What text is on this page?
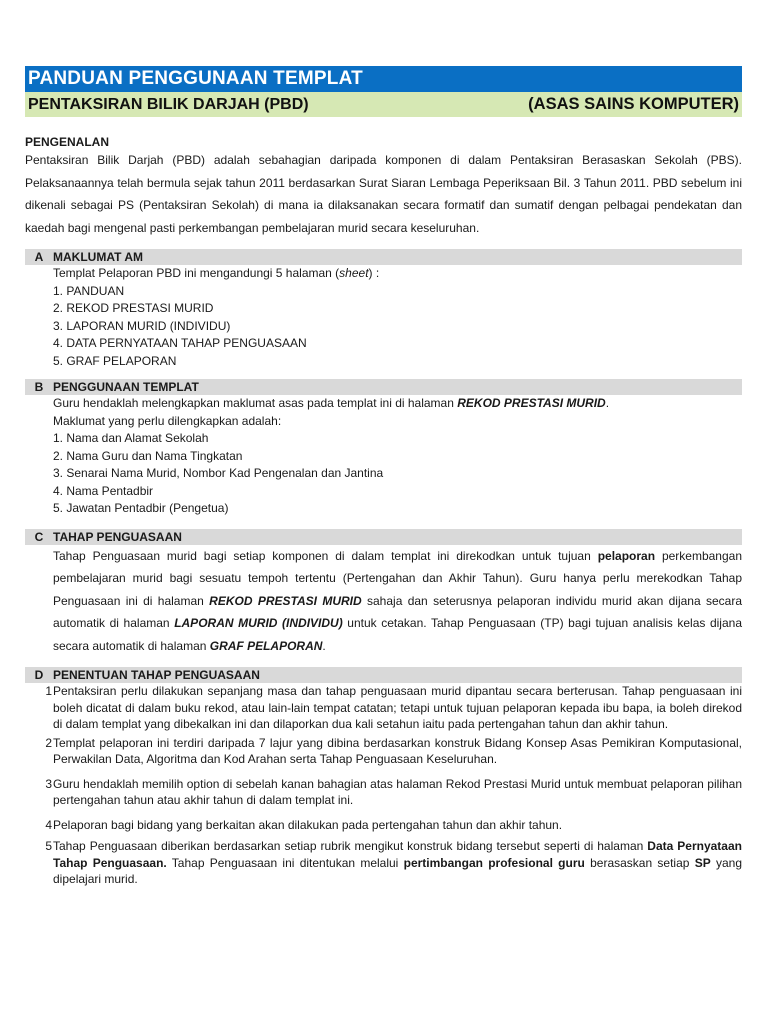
PANDUAN PENGGUNAAN TEMPLAT
PENTAKSIRAN BILIK DARJAH (PBD)	(ASAS SAINS KOMPUTER)
PENGENALAN
Pentaksiran Bilik Darjah (PBD) adalah sebahagian daripada komponen di dalam Pentaksiran Berasaskan Sekolah (PBS). Pelaksanaannya telah bermula sejak tahun 2011 berdasarkan Surat Siaran Lembaga Peperiksaan Bil. 3 Tahun 2011. PBD sebelum ini dikenali sebagai PS (Pentaksiran Sekolah) di mana ia dilaksanakan secara formatif dan sumatif dengan pelbagai pendekatan dan kaedah bagi mengenal pasti perkembangan pembelajaran murid secara keseluruhan.
A MAKLUMAT AM
Templat Pelaporan PBD ini mengandungi 5 halaman (sheet) :
1. PANDUAN
2. REKOD PRESTASI MURID
3. LAPORAN MURID (INDIVIDU)
4. DATA PERNYATAAN TAHAP PENGUASAAN
5. GRAF PELAPORAN
B PENGGUNAAN TEMPLAT
Guru hendaklah melengkapkan maklumat asas pada templat ini di halaman REKOD PRESTASI MURID.
Maklumat yang perlu dilengkapkan adalah:
1. Nama dan Alamat Sekolah
2. Nama Guru dan Nama Tingkatan
3. Senarai Nama Murid, Nombor Kad Pengenalan dan Jantina
4. Nama Pentadbir
5. Jawatan Pentadbir (Pengetua)
C TAHAP PENGUASAAN
Tahap Penguasaan murid bagi setiap komponen di dalam templat ini direkodkan untuk tujuan pelaporan perkembangan pembelajaran murid bagi sesuatu tempoh tertentu (Pertengahan dan Akhir Tahun). Guru hanya perlu merekodkan Tahap Penguasaan ini di halaman REKOD PRESTASI MURID sahaja dan seterusnya pelaporan individu murid akan dijana secara automatik di halaman LAPORAN MURID (INDIVIDU) untuk cetakan. Tahap Penguasaan (TP) bagi tujuan analisis kelas dijana secara automatik di halaman GRAF PELAPORAN.
D PENENTUAN TAHAP PENGUASAAN
1 Pentaksiran perlu dilakukan sepanjang masa dan tahap penguasaan murid dipantau secara berterusan. Tahap penguasaan ini boleh dicatat di dalam buku rekod, atau lain-lain tempat catatan; tetapi untuk tujuan pelaporan kepada ibu bapa, ia boleh direkod di dalam templat yang dibekalkan ini dan dilaporkan dua kali setahun iaitu pada pertengahan tahun dan akhir tahun.
2 Templat pelaporan ini terdiri daripada 7 lajur yang dibina berdasarkan konstruk Bidang Konsep Asas Pemikiran Komputasional, Perwakilan Data, Algoritma dan Kod Arahan serta Tahap Penguasaan Keseluruhan.
3 Guru hendaklah memilih option di sebelah kanan bahagian atas halaman Rekod Prestasi Murid untuk membuat pelaporan pilihan pertengahan tahun atau akhir tahun di dalam templat ini.
4 Pelaporan bagi bidang yang berkaitan akan dilakukan pada pertengahan tahun dan akhir tahun.
5 Tahap Penguasaan diberikan berdasarkan setiap rubrik mengikut konstruk bidang tersebut seperti di halaman Data Pernyataan Tahap Penguasaan. Tahap Penguasaan ini ditentukan melalui pertimbangan profesional guru berasaskan setiap SP yang dipelajari murid.
